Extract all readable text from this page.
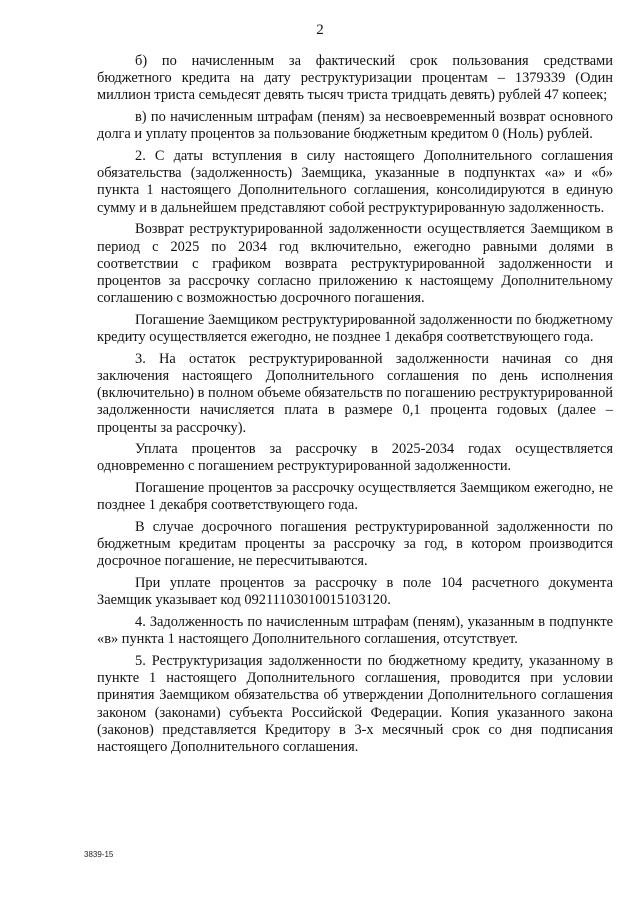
2

б) по начисленным за фактический срок пользования средствами бюджетного кредита на дату реструктуризации процентам – 1379339 (Один миллион триста семьдесят девять тысяч триста тридцать девять) рублей 47 копеек;

в) по начисленным штрафам (пеням) за несвоевременный возврат основного долга и уплату процентов за пользование бюджетным кредитом 0 (Ноль) рублей.

2. С даты вступления в силу настоящего Дополнительного соглашения обязательства (задолженность) Заемщика, указанные в подпунктах «а» и «б» пункта 1 настоящего Дополнительного соглашения, консолидируются в единую сумму и в дальнейшем представляют собой реструктурированную задолженность.

Возврат реструктурированной задолженности осуществляется Заемщиком в период с 2025 по 2034 год включительно, ежегодно равными долями в соответствии с графиком возврата реструктурированной задолженности и процентов за рассрочку согласно приложению к настоящему Дополнительному соглашению с возможностью досрочного погашения.

Погашение Заемщиком реструктурированной задолженности по бюджетному кредиту осуществляется ежегодно, не позднее 1 декабря соответствующего года.

3. На остаток реструктурированной задолженности начиная со дня заключения настоящего Дополнительного соглашения по день исполнения (включительно) в полном объеме обязательств по погашению реструктурированной задолженности начисляется плата в размере 0,1 процента годовых (далее – проценты за рассрочку).

Уплата процентов за рассрочку в 2025-2034 годах осуществляется одновременно с погашением реструктурированной задолженности.

Погашение процентов за рассрочку осуществляется Заемщиком ежегодно, не позднее 1 декабря соответствующего года.

В случае досрочного погашения реструктурированной задолженности по бюджетным кредитам проценты за рассрочку за год, в котором производится досрочное погашение, не пересчитываются.

При уплате процентов за рассрочку в поле 104 расчетного документа Заемщик указывает код 09211103010015103120.

4. Задолженность по начисленным штрафам (пеням), указанным в подпункте «в» пункта 1 настоящего Дополнительного соглашения, отсутствует.

5. Реструктуризация задолженности по бюджетному кредиту, указанному в пункте 1 настоящего Дополнительного соглашения, проводится при условии принятия Заемщиком обязательства об утверждении Дополнительного соглашения законом (законами) субъекта Российской Федерации. Копия указанного закона (законов) представляется Кредитору в 3-х месячный срок со дня подписания настоящего Дополнительного соглашения.

3839-15
